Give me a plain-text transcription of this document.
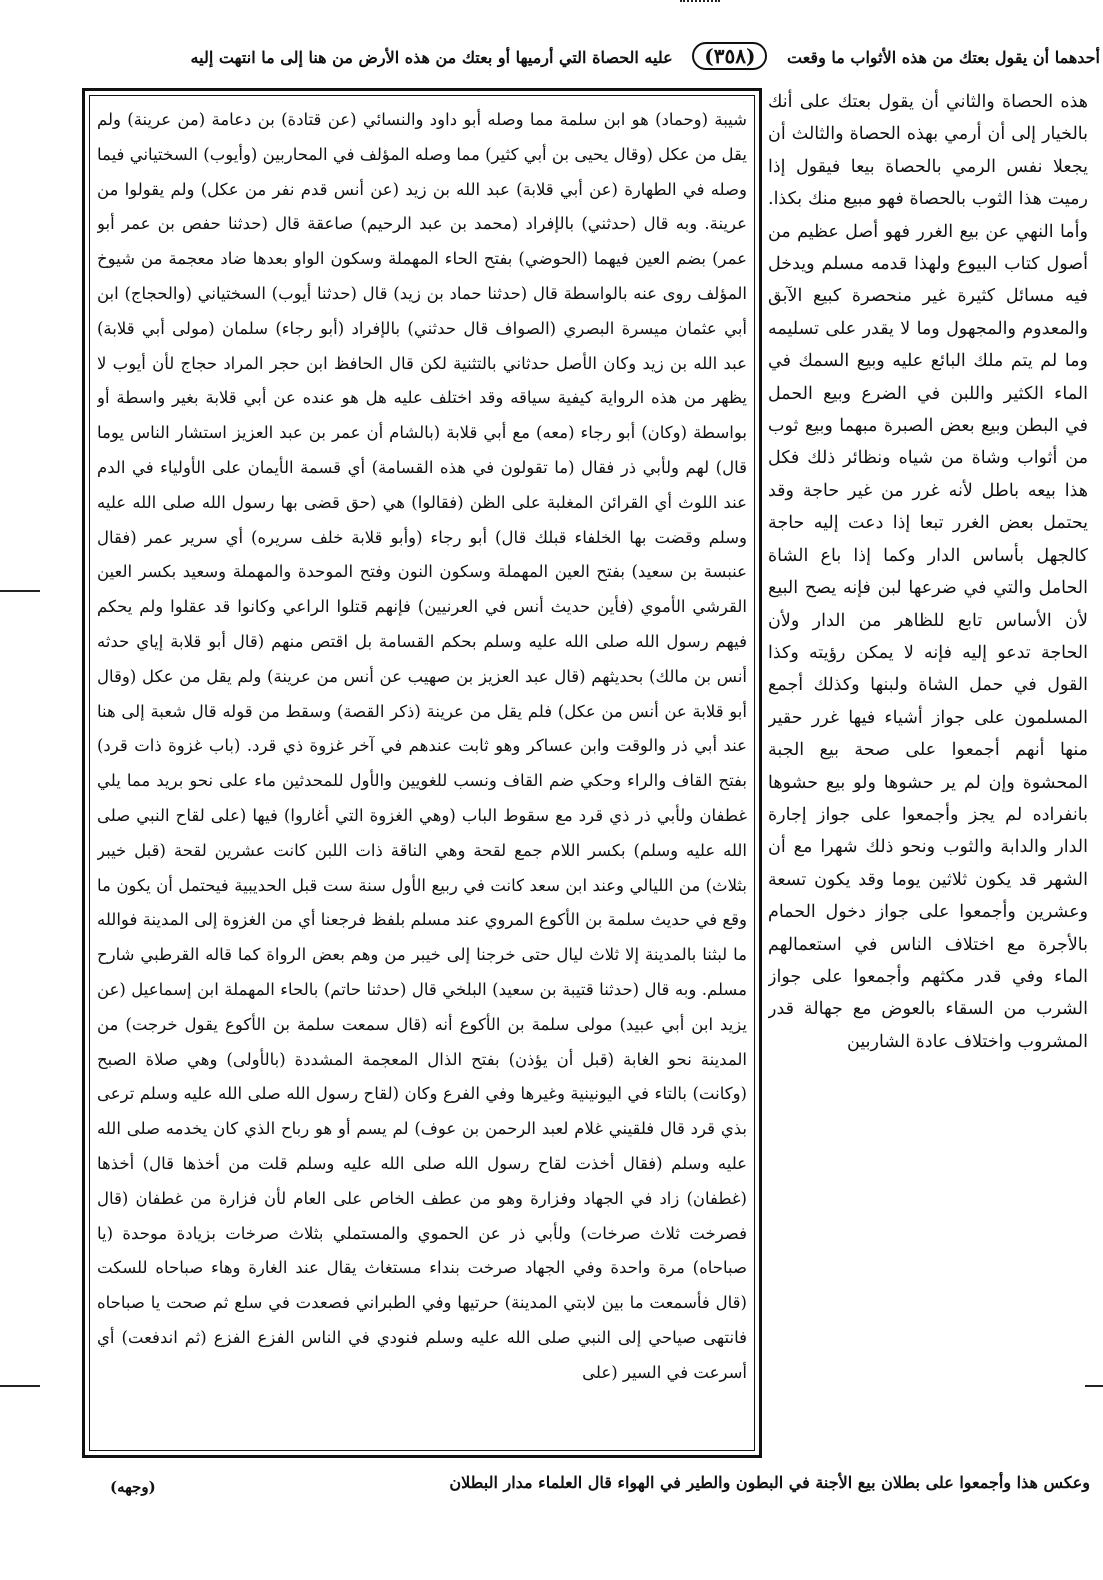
أحدهما أن يقول بعتك من هذه الأثواب ما وقعت (٣٥٨) عليه الحصاة التي أرميها أو بعتك من هذه الأرض من هنا إلى ما انتهت إليه

شيبة (وحماد) هو ابن سلمة مما وصله أبو داود والنسائي (عن قتادة) بن دعامة (من عرينة) ولم يقل من عكل (وقال يحيى بن أبي كثير) مما وصله المؤلف في المحاربين (وأيوب) السختياني فيما وصله في الطهارة (عن أبي قلابة) عبد الله بن زيد (عن أنس قدم نفر من عكل) ولم يقولوا من عرينة. وبه قال (حدثني) بالإفراد (محمد بن عبد الرحيم) صاعقة قال (حدثنا حفص بن عمر أبو عمر) بضم العين فيهما (الحوضي) بفتح الحاء المهملة وسكون الواو بعدها ضاد معجمة من شيوخ المؤلف روى عنه بالواسطة قال (حدثنا حماد بن زيد) قال (حدثنا أيوب) السختياني (والحجاج) ابن أبي عثمان ميسرة البصري (الصواف قال حدثني) بالإفراد (أبو رجاء) سلمان (مولى أبي قلابة) عبد الله بن زيد وكان الأصل حدثاني بالتثنية لكن قال الحافظ ابن حجر المراد حجاج لأن أيوب لا يظهر من هذه الرواية كيفية سياقه وقد اختلف عليه هل هو عنده عن أبي قلابة بغير واسطة أو بواسطة (وكان) أبو رجاء (معه) مع أبي قلابة (بالشام أن عمر بن عبد العزيز استشار الناس يوما قال) لهم ولأبي ذر فقال (ما تقولون في هذه القسامة) أي قسمة الأيمان على الأولياء في الدم عند اللوث أي القرائن المغلبة على الظن (فقالوا) هي (حق قضى بها رسول الله صلى الله عليه وسلم وقضت بها الخلفاء قبلك قال) أبو رجاء (وأبو قلابة خلف سريره) أي سرير عمر (فقال عنبسة بن سعيد) بفتح العين المهملة وسكون النون وفتح الموحدة والمهملة وسعيد بكسر العين القرشي الأموي (فأين حديث أنس في العرنيين) فإنهم قتلوا الراعي وكانوا قد عقلوا ولم يحكم فيهم رسول الله صلى الله عليه وسلم بحكم القسامة بل اقتص منهم (قال أبو قلابة إياي حدثه أنس بن مالك) بحديثهم (قال عبد العزيز بن صهيب عن أنس من عرينة) ولم يقل من عكل (وقال أبو قلابة عن أنس من عكل) فلم يقل من عرينة (ذكر القصة) وسقط من قوله قال شعبة إلى هنا عند أبي ذر والوقت وابن عساكر وهو ثابت عندهم في آخر غزوة ذي قرد. (باب غزوة ذات قرد) بفتح القاف والراء وحكي ضم القاف ونسب للغويين والأول للمحدثين ماء على نحو بريد مما يلي غطفان ولأبي ذر ذي قرد مع سقوط الباب (وهي الغزوة التي أغاروا) فيها (على لقاح النبي صلى الله عليه وسلم) بكسر اللام جمع لقحة وهي الناقة ذات اللبن كانت عشرين لقحة (قبل خيبر بثلاث) من الليالي وعند ابن سعد كانت في ربيع الأول سنة ست قبل الحديبية فيحتمل أن يكون ما وقع في حديث سلمة بن الأكوع المروي عند مسلم بلفظ فرجعنا أي من الغزوة إلى المدينة فوالله ما لبثنا بالمدينة إلا ثلاث ليال حتى خرجنا إلى خيبر من وهم بعض الرواة كما قاله القرطبي شارح مسلم. وبه قال (حدثنا قتيبة بن سعيد) البلخي قال (حدثنا حاتم) بالحاء المهملة ابن إسماعيل (عن يزيد ابن أبي عبيد) مولى سلمة بن الأكوع أنه (قال سمعت سلمة بن الأكوع يقول خرجت) من المدينة نحو الغابة (قبل أن يؤذن) بفتح الذال المعجمة المشددة (بالأولى) وهي صلاة الصبح (وكانت) بالتاء في اليونينية وغيرها وفي الفرع وكان (لقاح رسول الله صلى الله عليه وسلم ترعى بذي قرد قال فلقيني غلام لعبد الرحمن بن عوف) لم يسم أو هو رباح الذي كان يخدمه صلى الله عليه وسلم (فقال أخذت لقاح رسول الله صلى الله عليه وسلم قلت من أخذها قال) أخذها (غطفان) زاد في الجهاد وفزارة وهو من عطف الخاص على العام لأن فزارة من غطفان (قال فصرخت ثلاث صرخات) ولأبي ذر عن الحموي والمستملي بثلاث صرخات بزيادة موحدة (يا صباحاه) مرة واحدة وفي الجهاد صرخت بنداء مستغاث يقال عند الغارة وهاء صباحاه للسكت (قال فأسمعت ما بين لابتي المدينة) حرتيها وفي الطبراني فصعدت في سلع ثم صحت يا صباحاه فانتهى صياحي إلى النبي صلى الله عليه وسلم فنودي في الناس الفزع الفزع (ثم اندفعت) أي أسرعت في السير (على

هذه الحصاة والثاني أن يقول بعتك على أنك بالخيار إلى أن أرمي بهذه الحصاة والثالث أن يجعلا نفس الرمي بالحصاة بيعا فيقول إذا رميت هذا الثوب بالحصاة فهو مبيع منك بكذا. وأما النهي عن بيع الغرر فهو أصل عظيم من أصول كتاب البيوع ولهذا قدمه مسلم ويدخل فيه مسائل كثيرة غير منحصرة كبيع الآبق والمعدوم والمجهول وما لا يقدر على تسليمه وما لم يتم ملك البائع عليه وبيع السمك في الماء الكثير واللبن في الضرع وبيع الحمل في البطن وبيع بعض الصبرة مبهما وبيع ثوب من أثواب وشاة من شياه ونظائر ذلك فكل هذا بيعه باطل لأنه غرر من غير حاجة وقد يحتمل بعض الغرر تبعا إذا دعت إليه حاجة كالجهل بأساس الدار وكما إذا باع الشاة الحامل والتي في ضرعها لبن فإنه يصح البيع لأن الأساس تابع للظاهر من الدار ولأن الحاجة تدعو إليه فإنه لا يمكن رؤيته وكذا القول في حمل الشاة ولبنها وكذلك أجمع المسلمون على جواز أشياء فيها غرر حقير منها أنهم أجمعوا على صحة بيع الجبة المحشوة وإن لم ير حشوها ولو بيع حشوها بانفراده لم يجز وأجمعوا على جواز إجارة الدار والدابة والثوب ونحو ذلك شهرا مع أن الشهر قد يكون ثلاثين يوما وقد يكون تسعة وعشرين وأجمعوا على جواز دخول الحمام بالأجرة مع اختلاف الناس في استعمالهم الماء وفي قدر مكثهم وأجمعوا على جواز الشرب من السقاء بالعوض مع جهالة قدر المشروب واختلاف عادة الشاربين

وعكس هذا وأجمعوا على بطلان بيع الأجنة في البطون والطير في الهواء قال العلماء مدار البطلان
(وجهه)
